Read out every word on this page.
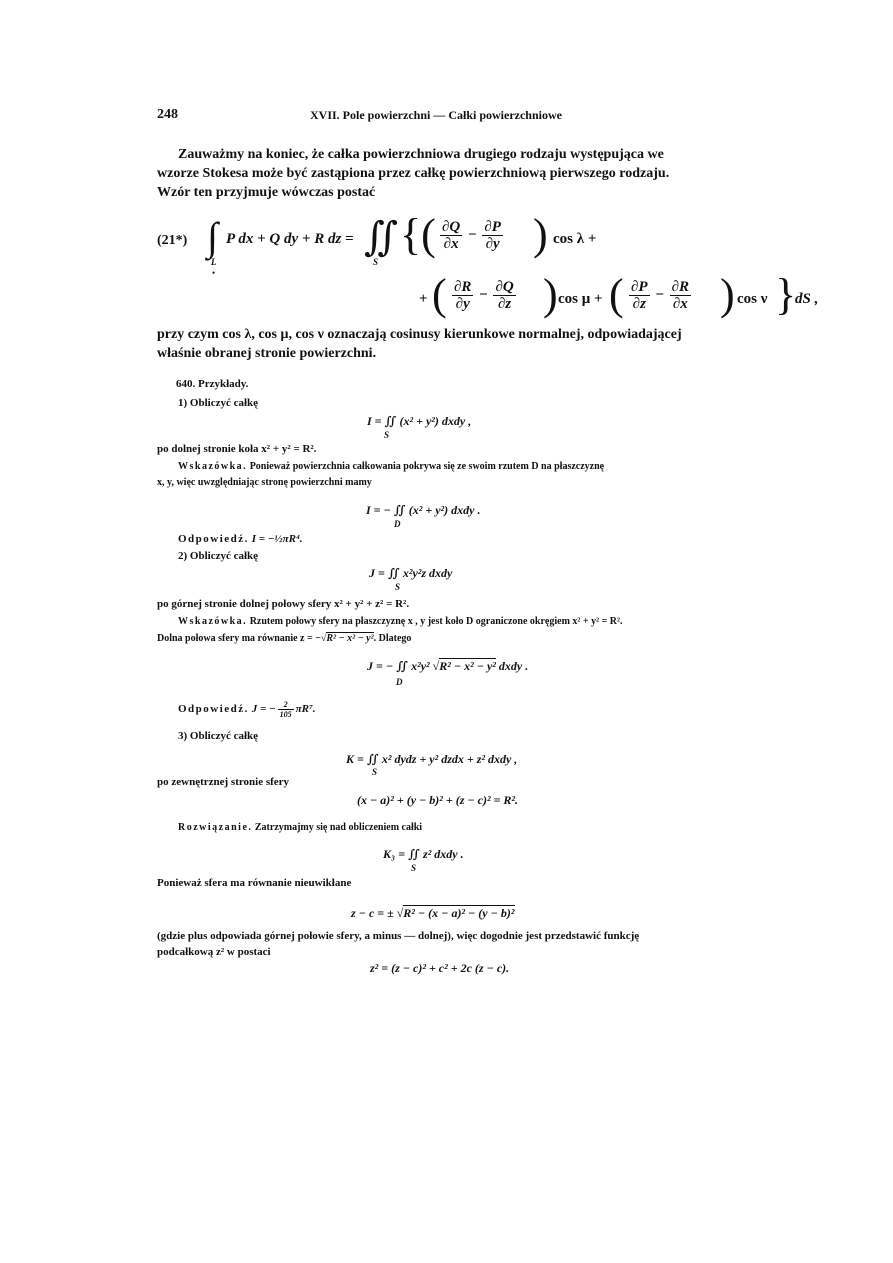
248	XVII. Pole powierzchni — Całki powierzchniowe
Zauważmy na koniec, że całka powierzchniowa drugiego rodzaju występująca we
wzorze Stokesa może być zastąpiona przez całkę powierzchniową pierwszego rodzaju.
Wzór ten przyjmuje wówczas postać
(21*) ∫
L
•
P dx + Q dy + R dz = ∬
S
{( $\frac{\partial Q}{\partial x} - \frac{\partial P}{\partial y}$ ) cos λ +
+ ( $\frac{\partial R}{\partial y} - \frac{\partial Q}{\partial z}$ ) cos μ + ( $\frac{\partial P}{\partial z} - \frac{\partial R}{\partial x}$ ) cos ν }
dS ,
przy czym cos λ, cos μ, cos ν oznaczają cosinusy kierunkowe normalnej, odpowiadającej
właśnie obranej stronie powierzchni.
640. Przykłady.
1) Obliczyć całkę
I = ∬ (x² + y²) dxdy ,
S
po dolnej stronie koła x² + y² = R².
Wskazówka. Ponieważ powierzchnia całkowania pokrywa się ze swoim rzutem D na płaszczyznę
x, y, więc uwzględniając stronę powierzchni mamy
I = − ∬ (x² + y²) dxdy .
D
Odpowiedź. I = −½πR⁴.
2) Obliczyć całkę
J = ∬ x²y²z dxdy
S
po górnej stronie dolnej połowy sfery x² + y² + z² = R².
Wskazówka. Rzutem połowy sfery na płaszczyznę x , y jest koło D ograniczone okręgiem x² + y² = R².
Dolna połowa sfery ma równanie z = −√R² − x² − y². Dlatego
J = − ∬ x²y² √R² − x² − y² dxdy .
D
Odpowiedź. J = − $\frac{2}{105} \pi R^7$.
3) Obliczyć całkę
K = ∬ x² dydz + y² dzdx + z² dxdy ,
S
po zewnętrznej stronie sfery
(x − a)² + (y − b)² + (z − c)² = R².
Rozwiązanie. Zatrzymajmy się nad obliczeniem całki
K₃ = ∬ z² dxdy .
S
Ponieważ sfera ma równanie nieuwikłane
z − c = ± √R² − (x − a)² − (y − b)²
(gdzie plus odpowiada górnej połowie sfery, a minus — dolnej), więc dogodnie jest przedstawić funkcję
podcałkową z² w postaci
z² = (z − c)² + c² + 2c (z − c).
